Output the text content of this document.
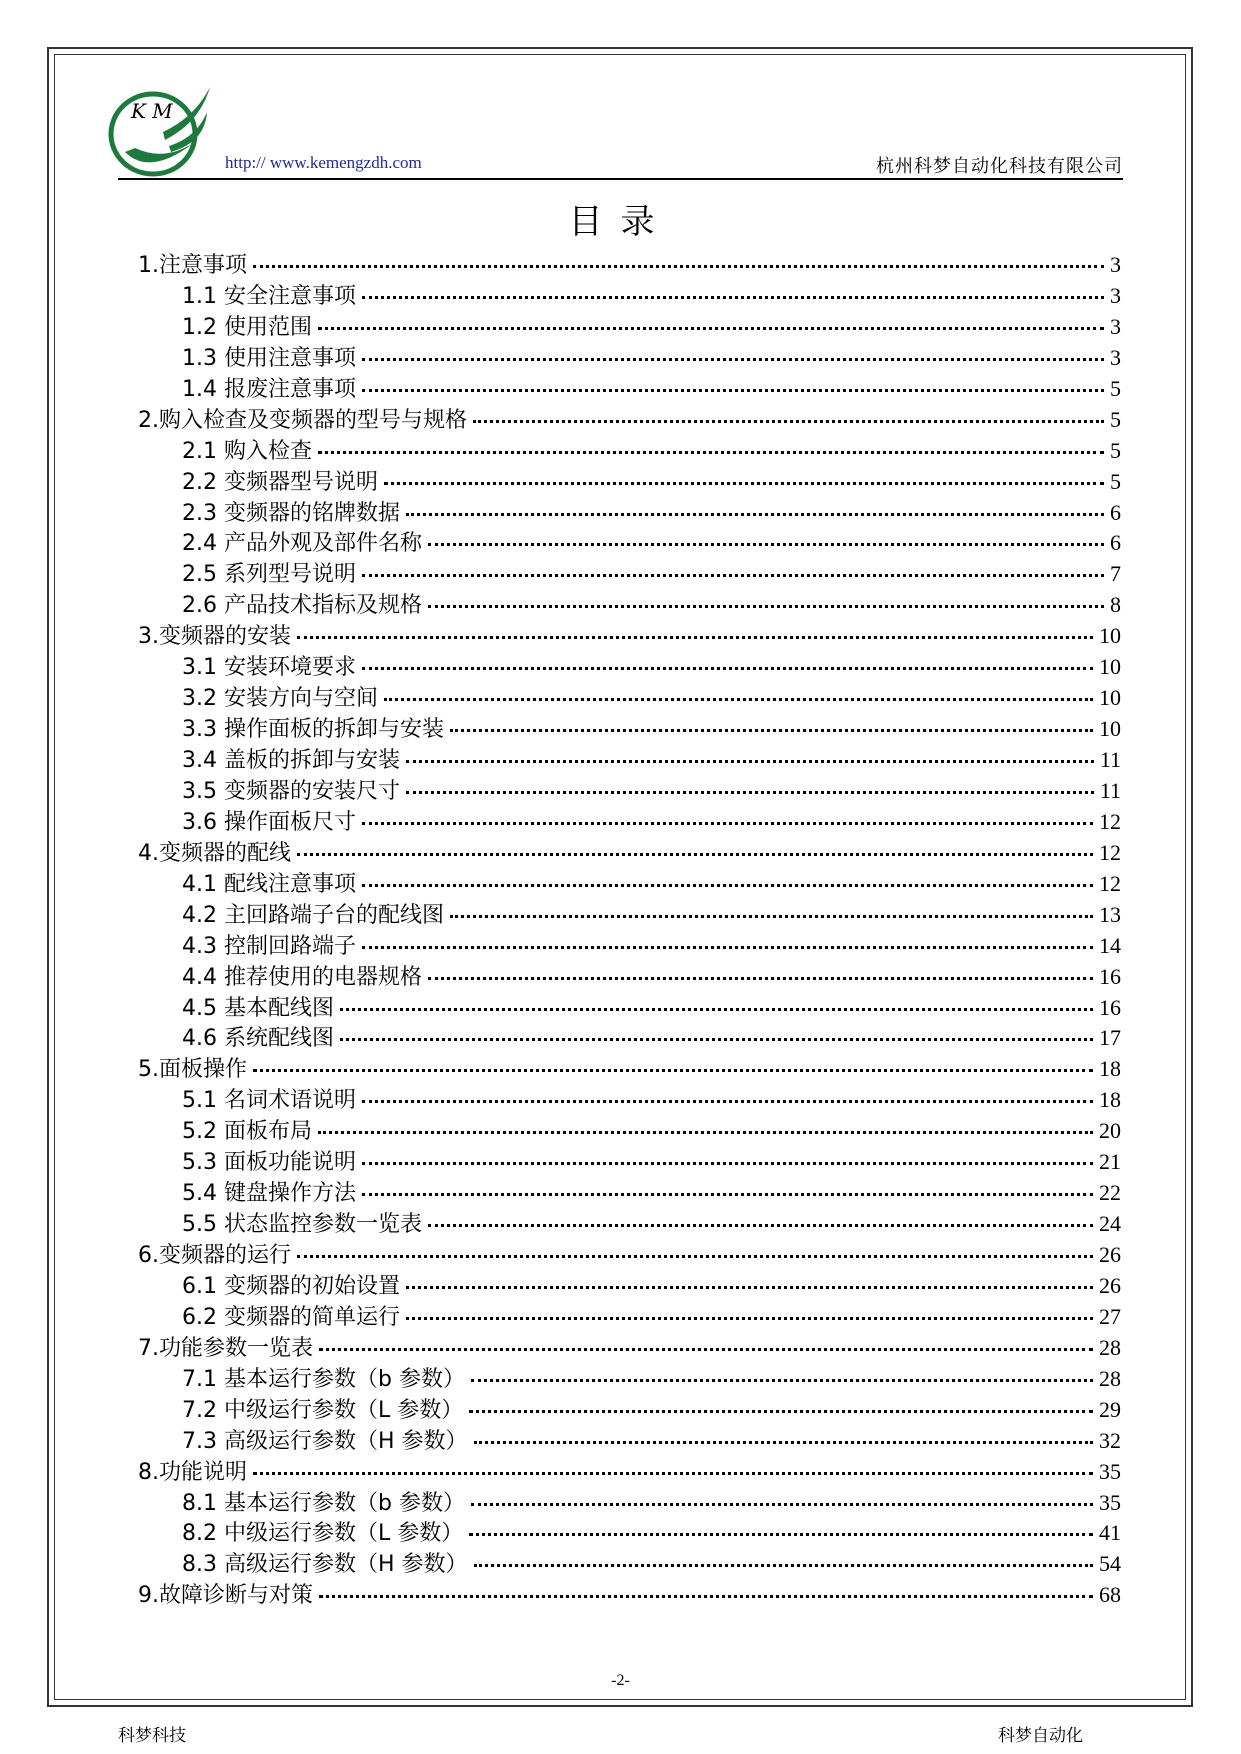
K M
http:// www.kemengzdh.com	杭州科梦自动化科技有限公司
目录
1.注意事项	3
1.1 安全注意事项	3
1.2 使用范围	3
1.3 使用注意事项	3
1.4 报废注意事项	5
2.购入检查及变频器的型号与规格	5
2.1 购入检查	5
2.2 变频器型号说明	5
2.3 变频器的铭牌数据	6
2.4 产品外观及部件名称	6
2.5 系列型号说明	7
2.6 产品技术指标及规格	8
3.变频器的安装	10
3.1 安装环境要求	10
3.2 安装方向与空间	10
3.3 操作面板的拆卸与安装	10
3.4 盖板的拆卸与安装	11
3.5 变频器的安装尺寸	11
3.6 操作面板尺寸	12
4.变频器的配线	12
4.1 配线注意事项	12
4.2 主回路端子台的配线图	13
4.3 控制回路端子	14
4.4 推荐使用的电器规格	16
4.5 基本配线图	16
4.6 系统配线图	17
5.面板操作	18
5.1 名词术语说明	18
5.2 面板布局	20
5.3 面板功能说明	21
5.4 键盘操作方法	22
5.5 状态监控参数一览表	24
6.变频器的运行	26
6.1 变频器的初始设置	26
6.2 变频器的简单运行	27
7.功能参数一览表	28
7.1 基本运行参数（b 参数）	28
7.2 中级运行参数（L 参数）	29
7.3 高级运行参数（H 参数）	32
8.功能说明	35
8.1 基本运行参数（b 参数）	35
8.2 中级运行参数（L 参数）	41
8.3 高级运行参数（H 参数）	54
9.故障诊断与对策	68
-2-
科梦科技	科梦自动化
